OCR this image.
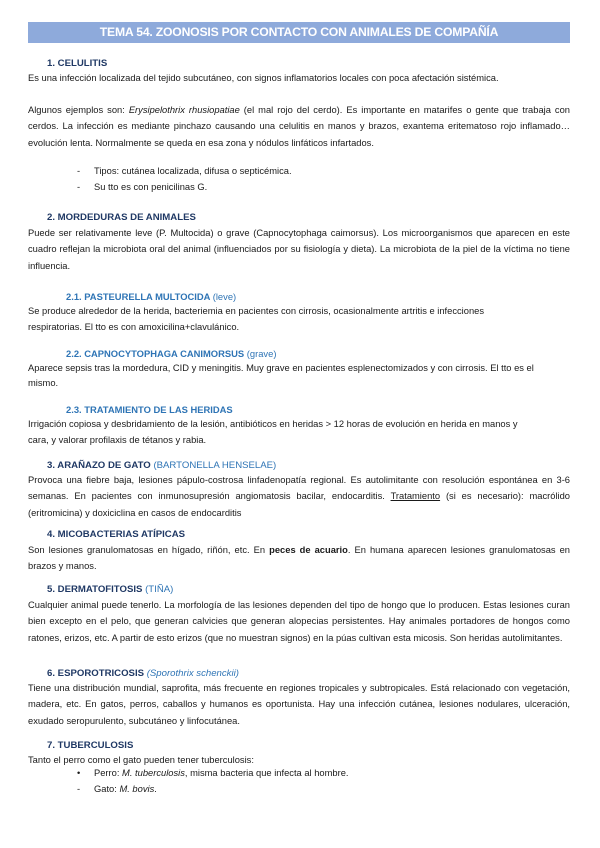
TEMA 54. ZOONOSIS POR CONTACTO CON ANIMALES DE COMPAÑÍA
1. CELULITIS
Es una infección localizada del tejido subcutáneo, con signos inflamatorios locales con poca afectación sistémica.
Algunos ejemplos son: Erysipelothrix rhusiopatiae (el mal rojo del cerdo). Es importante en matarifes o gente que trabaja con cerdos. La infección es mediante pinchazo causando una celulitis en manos y brazos, exantema eritematoso rojo inflamado… evolución lenta. Normalmente se queda en esa zona y nódulos linfáticos infartados.
- Tipos: cutánea localizada, difusa o septicémica.
- Su tto es con penicilinas G.
2. MORDEDURAS DE ANIMALES
Puede ser relativamente leve (P. Multocida) o grave (Capnocytophaga caimorsus). Los microorganismos que aparecen en este cuadro reflejan la microbiota oral del animal (influenciados por su fisiología y dieta). La microbiota de la piel de la víctima no tiene influencia.
2.1. PASTEURELLA MULTOCIDA (leve)
Se produce alrededor de la herida, bacteriemia en pacientes con cirrosis, ocasionalmente artritis e infecciones
respiratorias. El tto es con amoxicilina+clavulánico.
2.2. CAPNOCYTOPHAGA CANIMORSUS (grave)
Aparece sepsis tras la mordedura, CID y meningitis. Muy grave en pacientes esplenectomizados y con cirrosis. El tto es el
mismo.
2.3. TRATAMIENTO DE LAS HERIDAS
Irrigación copiosa y desbridamiento de la lesión, antibióticos en heridas > 12 horas de evolución en herida en manos y
cara, y valorar profilaxis de tétanos y rabia.
3. ARAÑAZO DE GATO (BARTONELLA HENSELAE)
Provoca una fiebre baja, lesiones pápulo-costrosa linfadenopatía regional. Es autolimitante con resolución espontánea en 3-6 semanas. En pacientes con inmunosupresión angiomatosis bacilar, endocarditis. Tratamiento (si es necesario): macrólido (eritromicina) y doxiciclina en casos de endocarditis
4. MICOBACTERIAS ATÍPICAS
Son lesiones granulomatosas en hígado, riñón, etc. En peces de acuario. En humana aparecen lesiones granulomatosas en brazos y manos.
5. DERMATOFITOSIS (TIÑA)
Cualquier animal puede tenerlo. La morfología de las lesiones dependen del tipo de hongo que lo producen. Estas lesiones curan bien excepto en el pelo, que generan calvicies que generan alopecias persistentes. Hay animales portadores de hongos como ratones, erizos, etc. A partir de esto erizos (que no muestran signos) en la púas cultivan esta micosis. Son heridas autolimitantes.
6. ESPOROTRICOSIS (Sporothrix schenckii)
Tiene una distribución mundial, saprofita, más frecuente en regiones tropicales y subtropicales. Está relacionado con vegetación, madera, etc. En gatos, perros, caballos y humanos es oportunista. Hay una infección cutánea, lesiones nodulares, ulceración, exudado seropurulento, subcutáneo y linfocutánea.
7. TUBERCULOSIS
Tanto el perro como el gato pueden tener tuberculosis:
• Perro: M. tuberculosis, misma bacteria que infecta al hombre.
- Gato: M. bovis.
